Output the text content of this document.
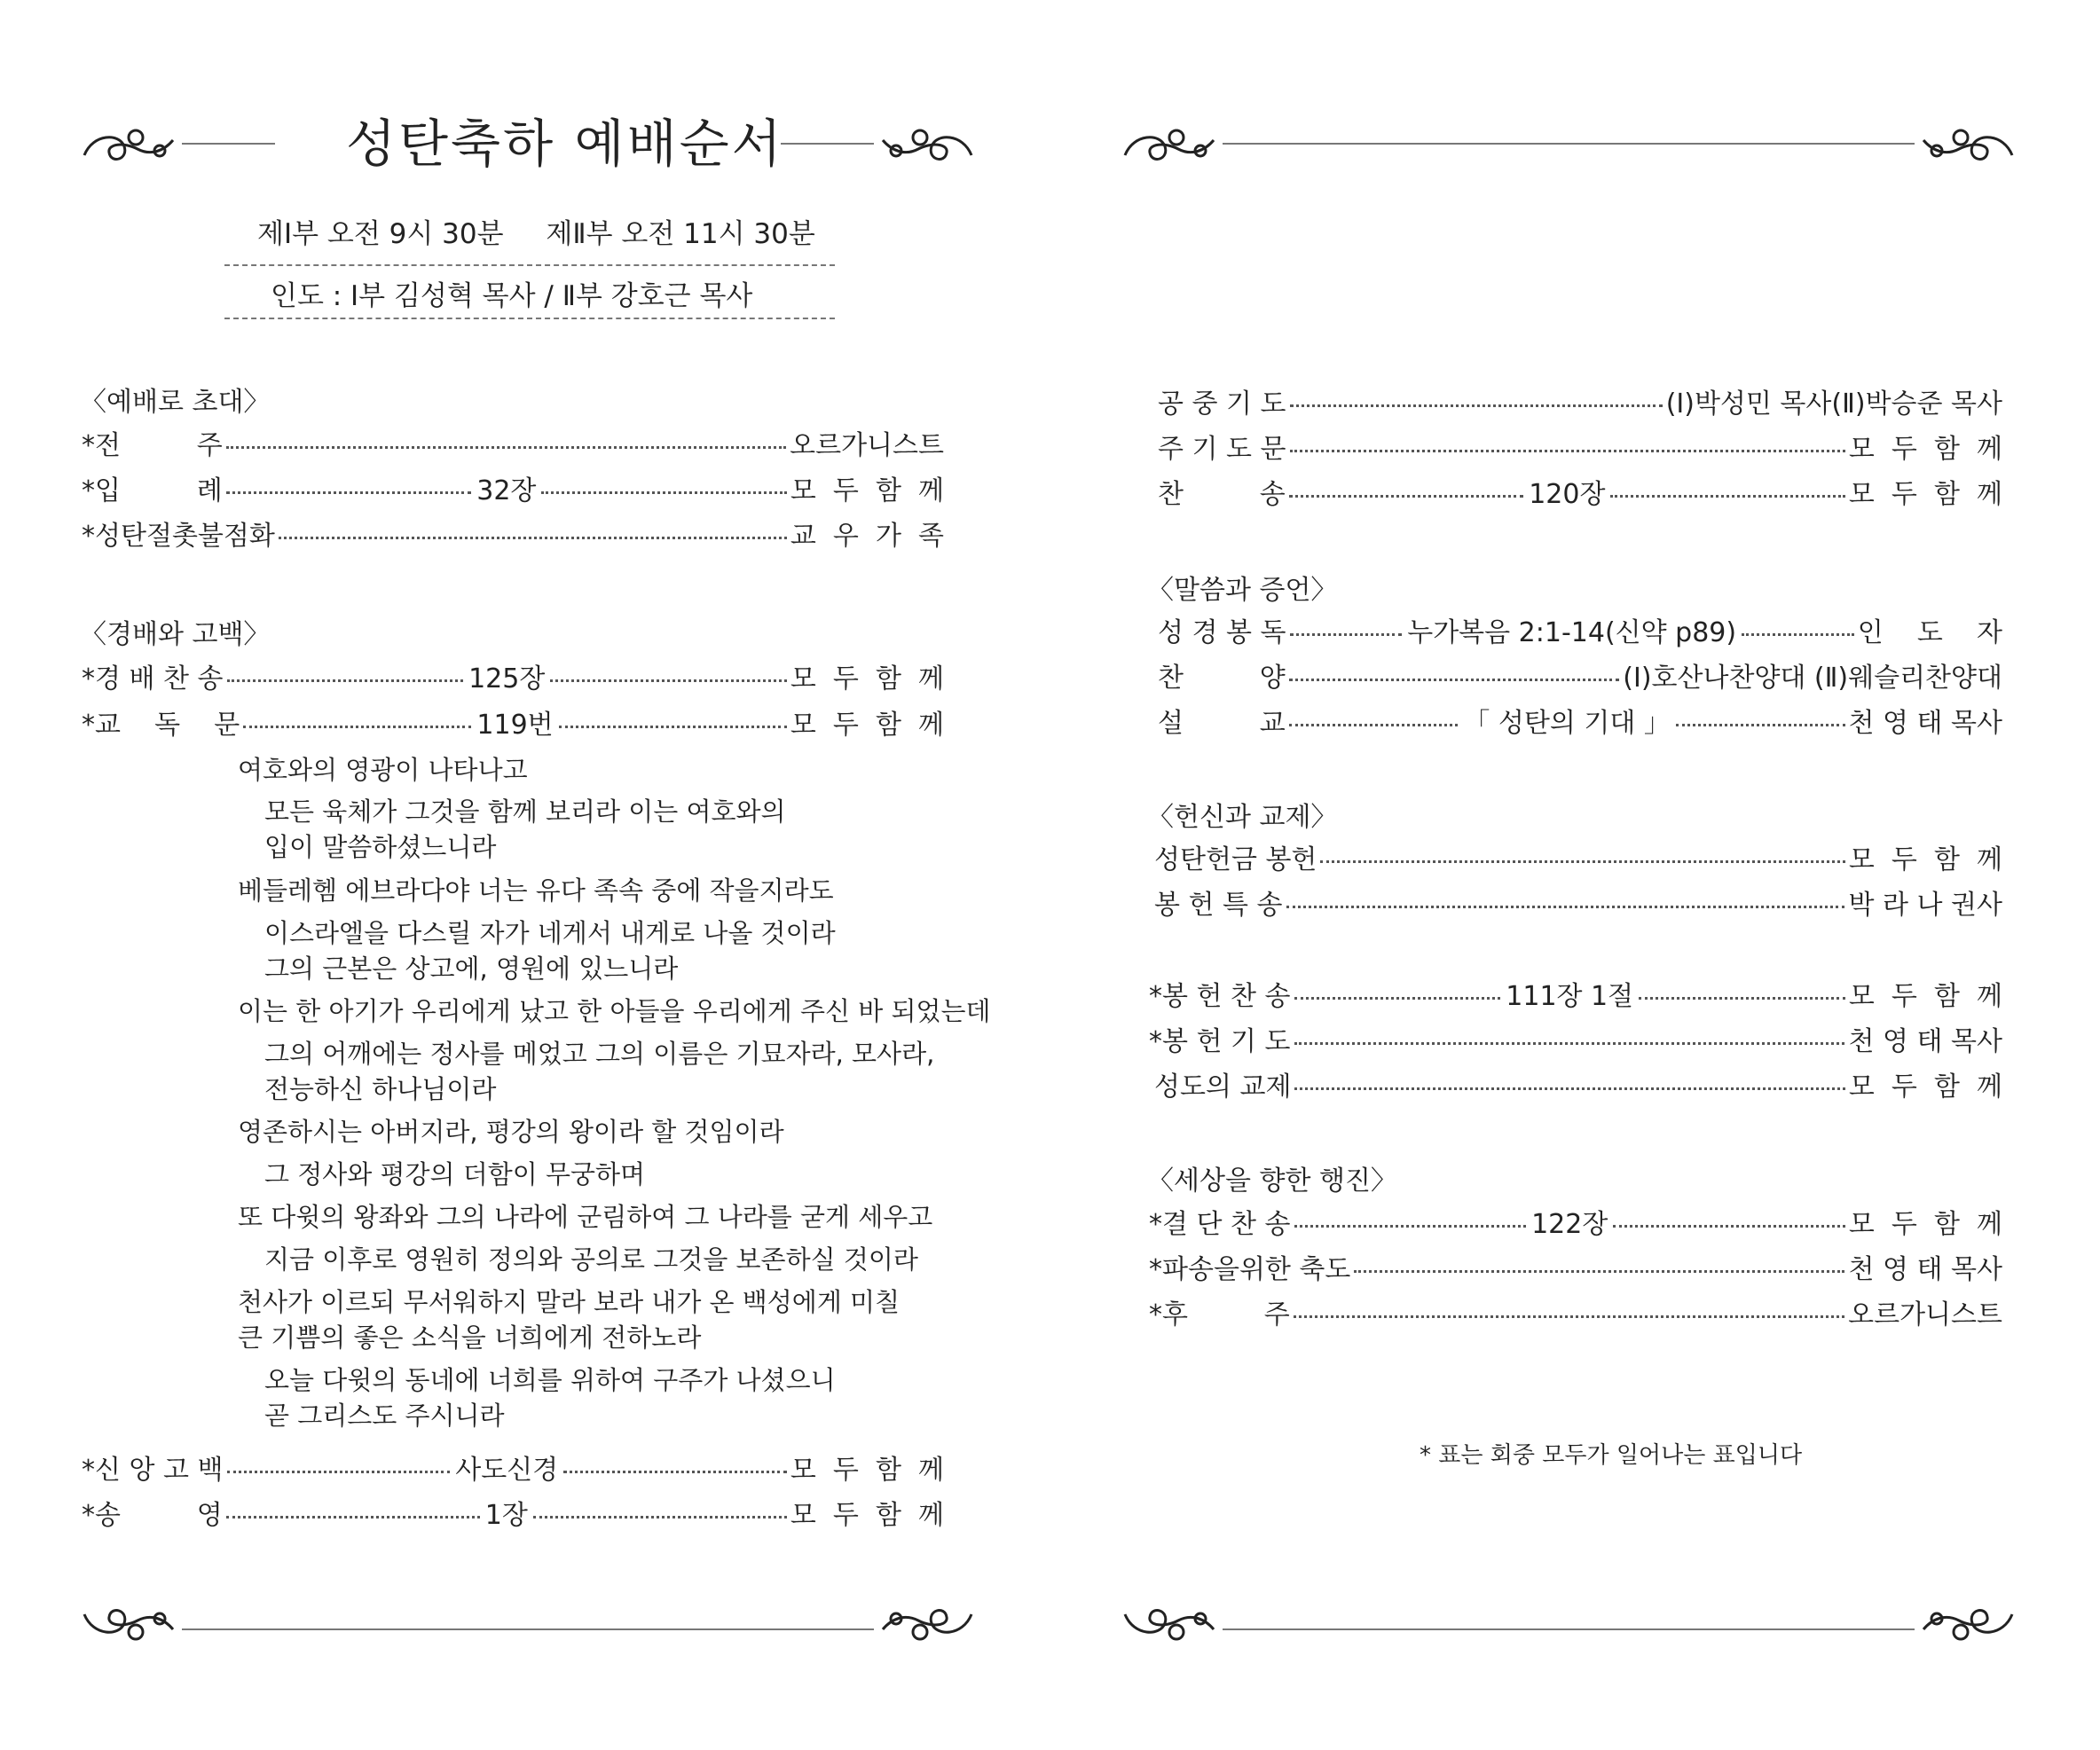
성탄축하 예배순서
제Ⅰ부 오전 9시 30분 제Ⅱ부 오전 11시 30분
인도 : Ⅰ부 김성혁 목사 / Ⅱ부 강호근 목사
〈예배로 초대〉
*전         주	오르가니스트
*입         례	32장	모  두  함  께
*성탄절촛불점화	교  우  가  족
〈경배와 고백〉
*경 배 찬 송	125장	모  두  함  께
*교    독    문	119번	모  두  함  께
여호와의 영광이 나타나고
모든 육체가 그것을 함께 보리라 이는 여호와의
입이 말씀하셨느니라
베들레헴 에브라다야 너는 유다 족속 중에 작을지라도
이스라엘을 다스릴 자가 네게서 내게로 나올 것이라
그의 근본은 상고에, 영원에 있느니라
이는 한 아기가 우리에게 났고 한 아들을 우리에게 주신 바 되었는데
그의 어깨에는 정사를 메었고 그의 이름은 기묘자라, 모사라,
전능하신 하나님이라
영존하시는 아버지라, 평강의 왕이라 할 것임이라
그 정사와 평강의 더함이 무궁하며
또 다윗의 왕좌와 그의 나라에 군림하여 그 나라를 굳게 세우고
지금 이후로 영원히 정의와 공의로 그것을 보존하실 것이라
천사가 이르되 무서워하지 말라 보라 내가 온 백성에게 미칠
큰 기쁨의 좋은 소식을 너희에게 전하노라
오늘 다윗의 동네에 너희를 위하여 구주가 나셨으니
곧 그리스도 주시니라
*신 앙 고 백	사도신경	모  두  함  께
*송         영	1장	모  두  함  께
공 중 기 도	(Ⅰ)박성민 목사(Ⅱ)박승준 목사
주 기 도 문	모  두  함  께
찬         송	120장	모  두  함  께
〈말씀과 증언〉
성 경 봉 독	누가복음 2:1-14(신약 p89)	인    도    자
찬         양	(Ⅰ)호산나찬양대 (Ⅱ)웨슬리찬양대
설         교	「 성탄의 기대 」	천 영 태 목사
〈헌신과 교제〉
성탄헌금 봉헌	모  두  함  께
봉 헌 특 송	박 라 나 권사
*봉 헌 찬 송	111장 1절	모  두  함  께
*봉 헌 기 도	천 영 태 목사
성도의 교제	모  두  함  께
〈세상을 향한 행진〉
*결 단 찬 송	122장	모  두  함  께
*파송을위한 축도	천 영 태 목사
*후         주	오르가니스트
* 표는 회중 모두가 일어나는 표입니다
